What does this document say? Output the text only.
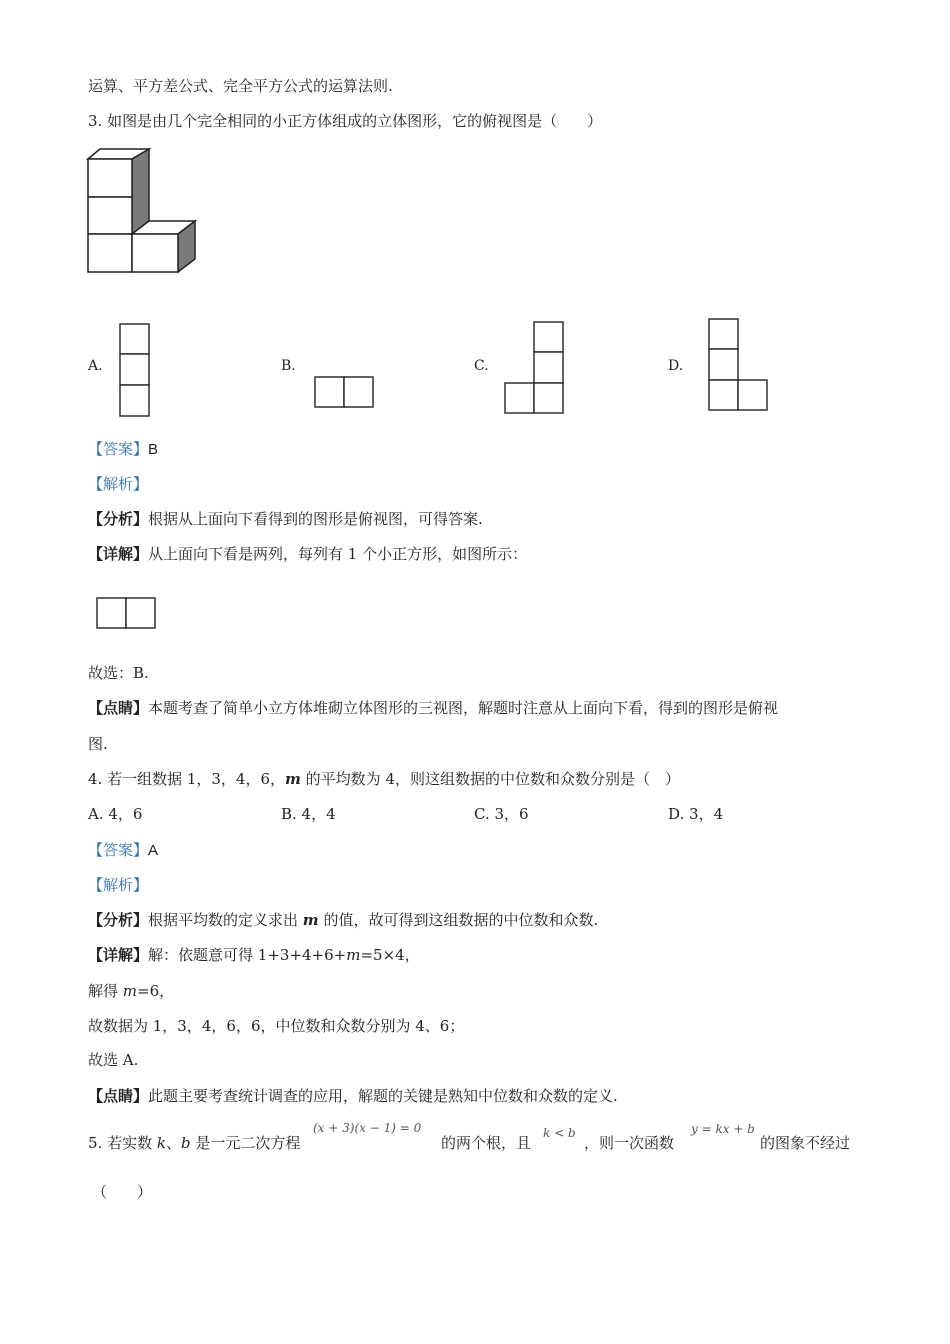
运算、平方差公式、完全平方公式的运算法则.
3. 如图是由几个完全相同的小正方体组成的立体图形，它的俯视图是（　　）
A.	B.	C.	D.
【答案】B
【解析】
【分析】根据从上面向下看得到的图形是俯视图，可得答案.
【详解】从上面向下看是两列，每列有 1 个小正方形，如图所示：
故选：B.
【点睛】本题考查了简单小立方体堆砌立体图形的三视图，解题时注意从上面向下看，得到的图形是俯视
图.
4. 若一组数据 1，3，4，6，m 的平均数为 4，则这组数据的中位数和众数分别是（　）
A. 4，6	B. 4，4	C. 3，6	D. 3，4
【答案】A
【解析】
【分析】根据平均数的定义求出 m 的值，故可得到这组数据的中位数和众数.
【详解】解：依题意可得 1+3+4+6+m=5×4，
解得 m=6，
故数据为 1，3，4，6，6，中位数和众数分别为 4、6；
故选 A.
【点睛】此题主要考查统计调查的应用，解题的关键是熟知中位数和众数的定义.
5. 若实数 k、b 是一元二次方程
(x + 3)(x − 1) = 0
的两个根，且
k < b
，则一次函数
y = kx + b
的图象不经过
（　　）
